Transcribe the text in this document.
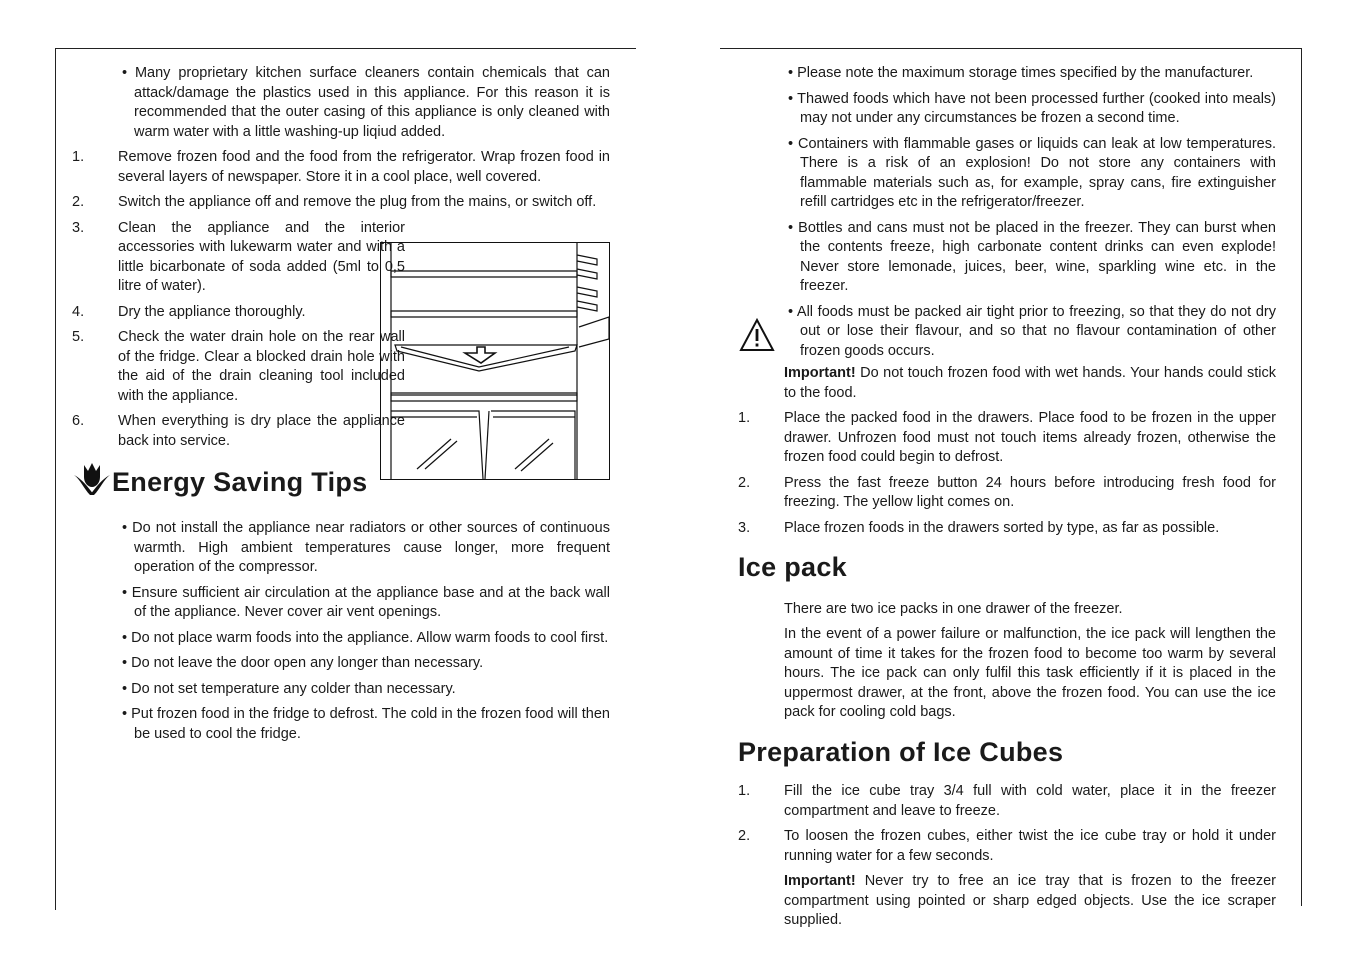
• Many proprietary kitchen surface cleaners contain chemicals that can attack/damage the plastics used in this appliance. For this reason it is recommended that the outer casing of this appliance is only cleaned with warm water with a little washing-up liqiud added.

1. Remove frozen food and the food from the refrigerator. Wrap frozen food in several layers of newspaper. Store it in a cool place, well covered.

2. Switch the appliance off and remove the plug from the mains, or switch off.

3. Clean the appliance and the interior accessories with lukewarm water and with a little bicarbonate of soda added (5ml to 0,5 litre of water).

4. Dry the appliance thoroughly.

5. Check the water drain hole on the rear wall of the fridge. Clear a blocked drain hole with the aid of the drain cleaning tool included with the appliance.

6. When everything is dry place the appliance back into service.

Energy Saving Tips

• Do not install the appliance near radiators or other sources of continuous warmth. High ambient temperatures cause longer, more frequent operation of the compressor.

• Ensure sufficient air circulation at the appliance base and at the back wall of the appliance. Never cover air vent openings.

• Do not place warm foods into the appliance. Allow warm foods to cool first.

• Do not leave the door open any longer than necessary.

• Do not set temperature any colder than necessary.

• Put frozen food in the fridge to defrost. The cold in the frozen food will then be used to cool the fridge.

• Please note the maximum storage times specified by the manufacturer.

• Thawed foods which have not been processed further (cooked into meals) may not under any circumstances be frozen a second time.

• Containers with flammable gases or liquids can leak at low temperatures. There is a risk of an explosion! Do not store any containers with flammable materials such as, for example, spray cans, fire extinguisher refill cartridges etc in the refrigerator/freezer.

• Bottles and cans must not be placed in the freezer. They can burst when the contents freeze, high carbonate content drinks can even explode! Never store lemonade, juices, beer, wine, sparkling wine etc. in the freezer.

• All foods must be packed air tight prior to freezing, so that they do not dry out or lose their flavour, and so that no flavour contamination of other frozen goods occurs.

Important! Do not touch frozen food with wet hands. Your hands could stick to the food.

1. Place the packed food in the drawers. Place food to be frozen in the upper drawer. Unfrozen food must not touch items already frozen, otherwise the frozen food could begin to defrost.

2. Press the fast freeze button 24 hours before introducing fresh food for freezing. The yellow light comes on.

3. Place frozen foods in the drawers sorted by type, as far as possible.

Ice pack

There are two ice packs in one drawer of the freezer.

In the event of a power failure or malfunction, the ice pack will lengthen the amount of time it takes for the frozen food to become too warm by several hours. The ice pack can only fulfil this task efficiently if it is placed in the uppermost drawer, at the front, above the frozen food. You can use the ice pack for cooling cold bags.

Preparation of Ice Cubes

1. Fill the ice cube tray 3/4 full with cold water, place it in the freezer compartment and leave to freeze.

2. To loosen the frozen cubes, either twist the ice cube tray or hold it under running water for a few seconds.

Important! Never try to free an ice tray that is frozen to the freezer compartment using pointed or sharp edged objects. Use the ice scraper supplied.
